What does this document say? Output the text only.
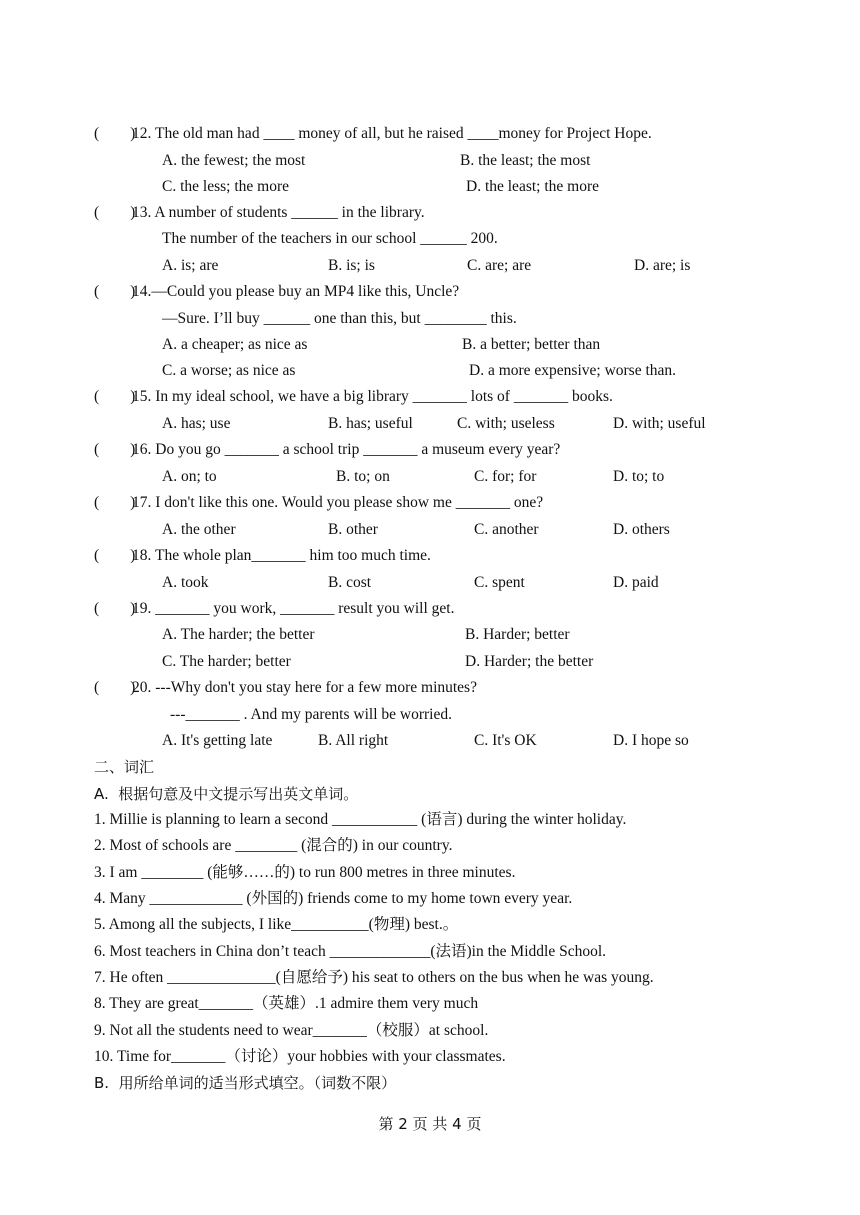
(        )
12. The old man had ____ money of all, but he raised ____money for Project Hope.
A. the fewest; the most	B. the least; the most
C. the less; the more	D. the least; the more
(        )
13. A number of students ______ in the library.
The number of the teachers in our school ______ 200.
A. is; are	B. is; is	C. are; are	D. are; is
(        )
14.—Could you please buy an MP4 like this, Uncle?
—Sure. I’ll buy ______ one than this, but ________ this.
A. a cheaper; as nice as	B. a better; better than
C. a worse; as nice as	D. a more expensive; worse than.
(        )
15. In my ideal school, we have a big library _______ lots of _______ books.
A. has; use	B. has; useful	C. with; useless	D. with; useful
(        )
16. Do you go _______ a school trip _______ a museum every year?
A. on; to	B. to; on	C. for; for	D. to; to
(        )
17. I don't like this one. Would you please show me _______ one?
A. the other	B. other	C. another	D. others
(        )
18. The whole plan_______ him too much time.
A. took	B. cost	C. spent	D. paid
(        )
19. _______ you work, _______ result you will get.
A. The harder; the better	B. Harder; better
C. The harder; better	D. Harder; the better
(        )
20. ---Why don't you stay here for a few more minutes?
---_______ . And my parents will be worried.
A. It's getting late	B. All right	C. It's OK	D. I hope so
二、词汇
A.  根据句意及中文提示写出英文单词。
1. Millie is planning to learn a second ___________ (语言) during the winter holiday.
2. Most of schools are ________ (混合的) in our country.
3. I am ________ (能够……的) to run 800 metres in three minutes.
4. Many ____________ (外国的) friends come to my home town every year.
5. Among all the subjects, I like__________(物理) best.。
6. Most teachers in China don’t teach _____________(法语)in the Middle School.
7. He often ______________(自愿给予) his seat to others on the bus when he was young.
8. They are great_______（英雄）.1 admire them very much
9. Not all the students need to wear_______（校服）at school.
10. Time for_______（讨论）your hobbies with your classmates.
B.  用所给单词的适当形式填空。（词数不限）
第 2 页 共 4 页
